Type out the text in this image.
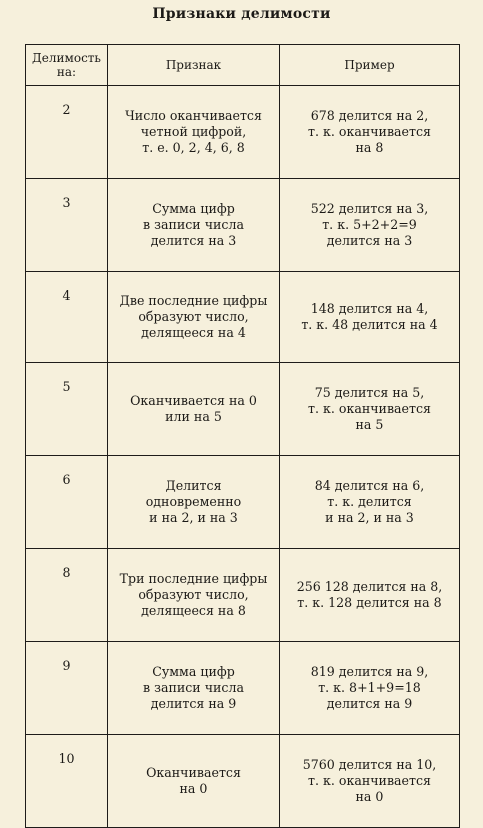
Признаки делимости
Делимость на:	Признак	Пример
2	Число оканчивается
четной цифрой,
т. е. 0, 2, 4, 6, 8	678 делится на 2,
т. к. оканчивается
на 8

3	Сумма цифр
в записи числа
делится на 3	522 делится на 3,
т. к. 5+2+2=9
делится на 3

4	Две последние цифры
образуют число,
делящееся на 4	148 делится на 4,
т. к. 48 делится на 4

5	Оканчивается на 0
или на 5	75 делится на 5,
т. к. оканчивается
на 5

6	Делится
одновременно
и на 2, и на 3	84 делится на 6,
т. к. делится
и на 2, и на 3

8	Три последние цифры
образуют число,
делящееся на 8	256 128 делится на 8,
т. к. 128 делится на 8

9	Сумма цифр
в записи числа
делится на 9	819 делится на 9,
т. к. 8+1+9=18
делится на 9

10	Оканчивается
на 0	5760 делится на 10,
т. к. оканчивается
на 0
